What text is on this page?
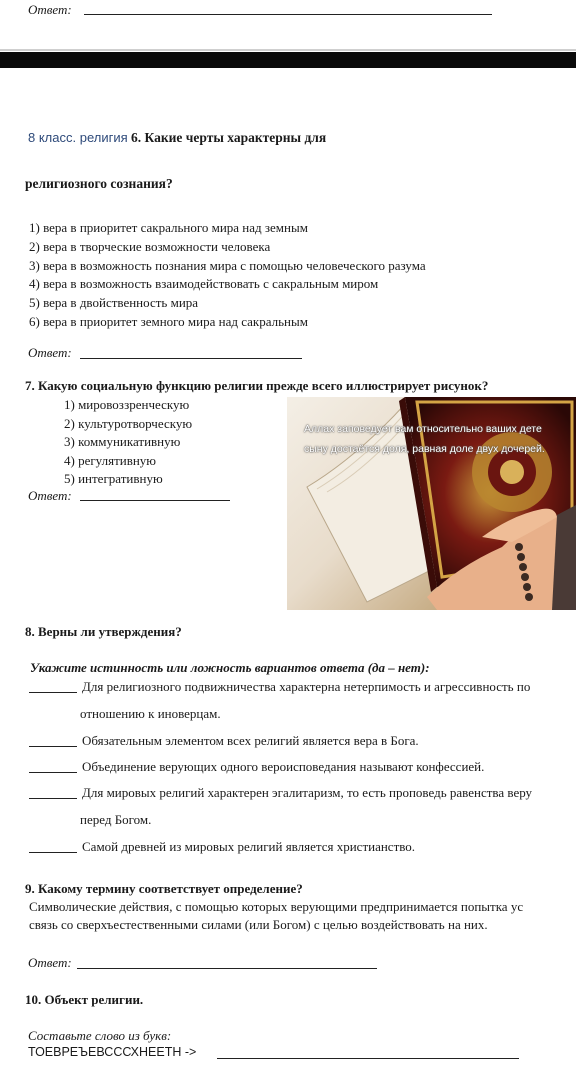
Ответ:
8 класс. религия 6. Какие черты характерны для
религиозного сознания?
1) вера в приоритет сакрального мира над земным
2) вера в творческие возможности человека
3) вера в возможность познания мира с помощью человеческого разума
4) вера в возможность взаимодействовать с сакральным миром
5) вера в двойственность мира
6) вера в приоритет земного мира над сакральным
Ответ:
7. Какую социальную функцию религии прежде всего иллюстрирует рисунок?
1) мировоззренческую
2) культуротворческую
3) коммуникативную
4) регулятивную
5) интегративную
Ответ:
Аллах заповедует вам относительно ваших дете
сыну достаётся доля, равная доле двух дочерей.
8. Верны ли утверждения?
Укажите истинность или ложность вариантов ответа (да – нет):
Для религиозного подвижничества характерна нетерпимость и агрессивность по
отношению к иноверцам.
Обязательным элементом всех религий является вера в Бога.
Объединение верующих одного вероисповедания называют конфессией.
Для мировых религий характерен эгалитаризм, то есть проповедь равенства веру
перед Богом.
Самой древней из мировых религий является христианство.
9. Какому термину соответствует определение?
Символические действия, с помощью которых верующими предпринимается попытка ус
связь со сверхъестественными силами (или Богом) с целью воздействовать на них.
Ответ:
10. Объект религии.
Составьте слово из букв:
ТОЕВРЕЪЕВСССХНЕЕТН ->
